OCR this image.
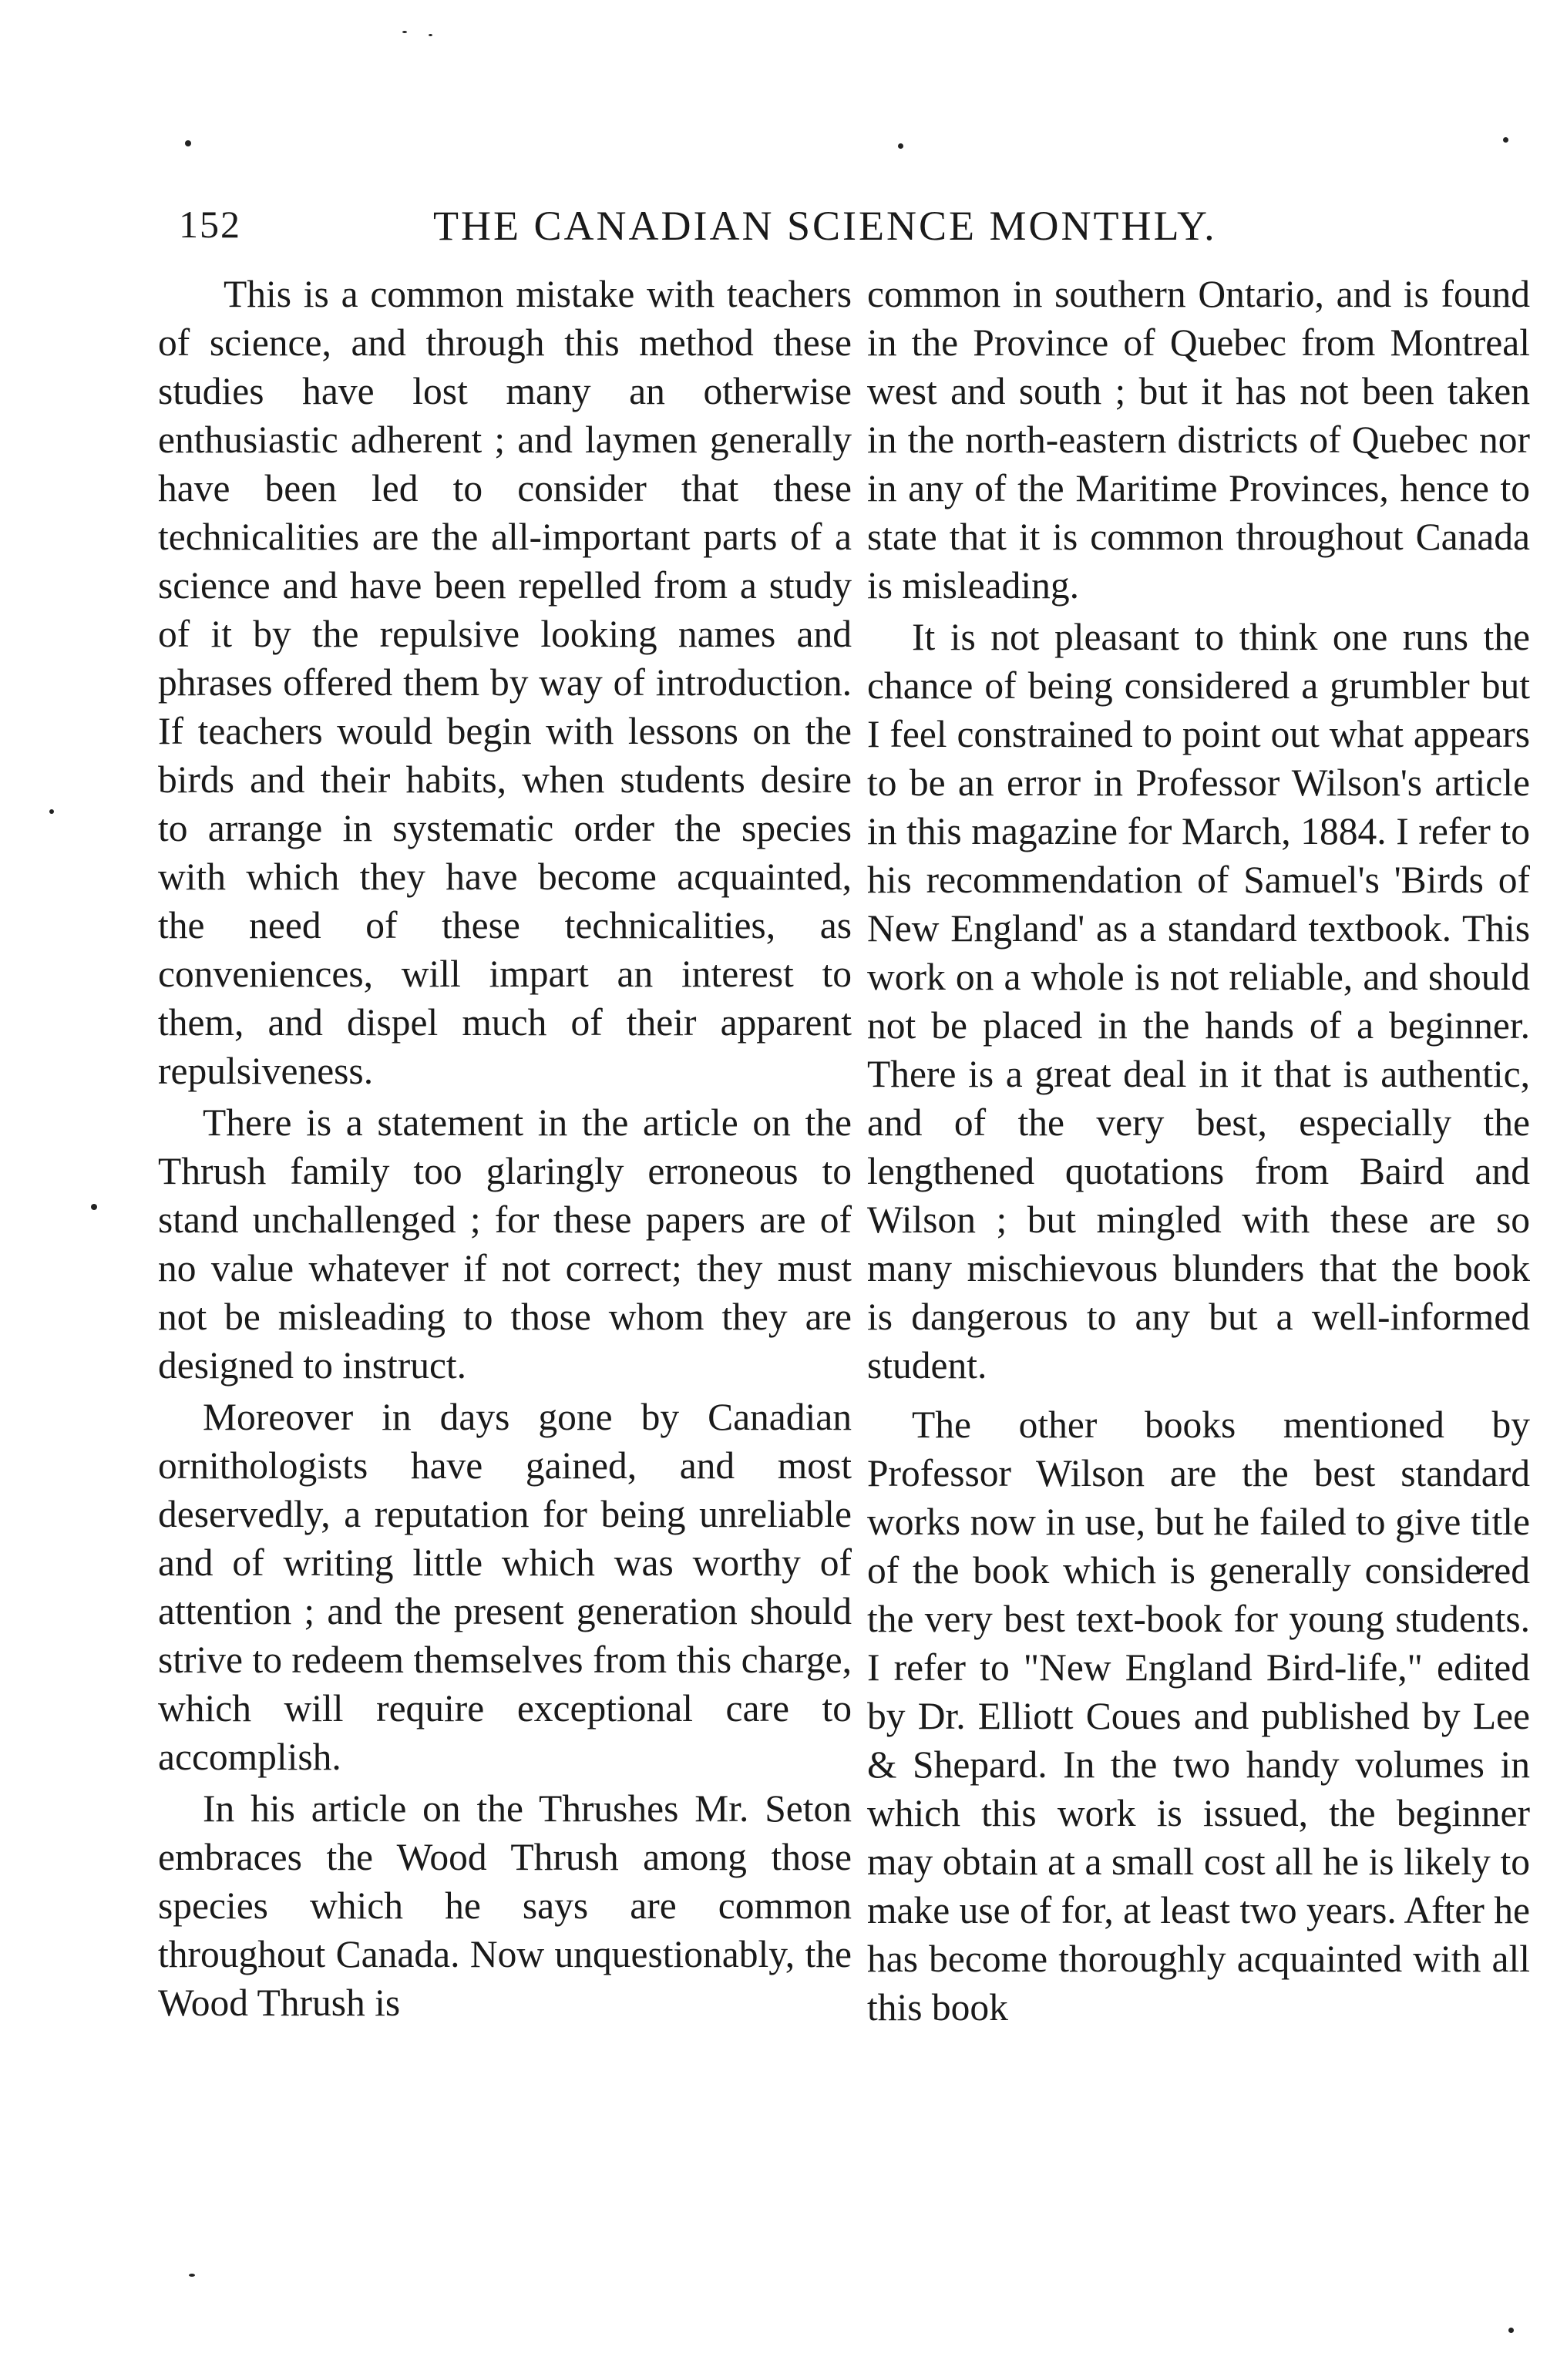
152	THE CANADIAN SCIENCE MONTHLY.

This is a common mistake with teachers of science, and through this method these studies have lost many an otherwise enthusiastic adherent ; and laymen generally have been led to consider that these technicalities are the all-important parts of a science and have been repelled from a study of it by the repulsive looking names and phrases offered them by way of introduction. If teachers would begin with lessons on the birds and their habits, when students desire to arrange in systematic order the species with which they have become acquainted, the need of these technicalities, as conveniences, will impart an interest to them, and dispel much of their apparent repulsiveness.

There is a statement in the article on the Thrush family too glaringly erroneous to stand unchallenged ; for these papers are of no value whatever if not correct; they must not be misleading to those whom they are designed to instruct.

Moreover in days gone by Canadian ornithologists have gained, and most deservedly, a reputation for being unreliable and of writing little which was worthy of attention ; and the present generation should strive to redeem themselves from this charge, which will require exceptional care to accomplish.

In his article on the Thrushes Mr. Seton embraces the Wood Thrush among those species which he says are common throughout Canada. Now unquestionably, the Wood Thrush is

common in southern Ontario, and is found in the Province of Quebec from Montreal west and south ; but it has not been taken in the north-eastern districts of Quebec nor in any of the Maritime Provinces, hence to state that it is common throughout Canada is misleading.

It is not pleasant to think one runs the chance of being considered a grumbler but I feel constrained to point out what appears to be an error in Professor Wilson's article in this magazine for March, 1884. I refer to his recommendation of Samuel's 'Birds of New England' as a standard textbook. This work on a whole is not reliable, and should not be placed in the hands of a beginner. There is a great deal in it that is authentic, and of the very best, especially the lengthened quotations from Baird and Wilson ; but mingled with these are so many mischievous blunders that the book is dangerous to any but a well-informed student.

The other books mentioned by Professor Wilson are the best standard works now in use, but he failed to give title of the book which is generally considered the very best text-book for young students. I refer to "New England Bird-life," edited by Dr. Elliott Coues and published by Lee & Shepard. In the two handy volumes in which this work is issued, the beginner may obtain at a small cost all he is likely to make use of for, at least two years. After he has become thoroughly acquainted with all this book
